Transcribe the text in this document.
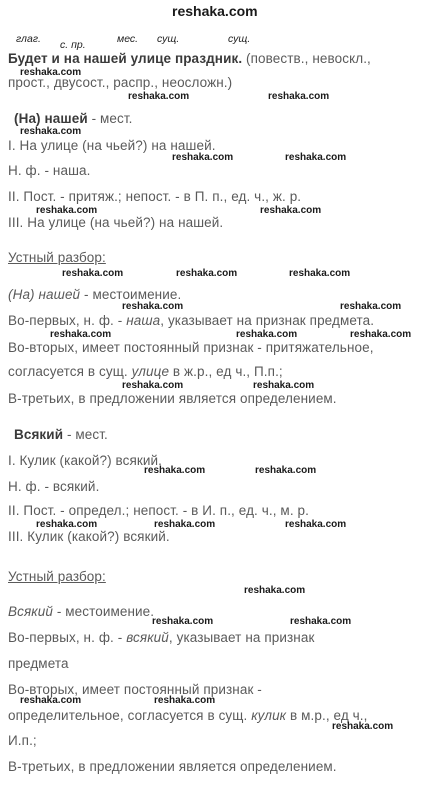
reshaka.com
глаг. с. пр.	мес. сущ.	сущ.
Будет и на нашей улице праздник. (повеств., невоскл.,
reshaka.com
прост., двусост., распр., неосложн.)
reshaka.com	reshaka.com
(На) нашей - мест.
reshaka.com
I. На улице (на чьей?) на нашей.
reshaka.com	reshaka.com
Н. ф. - наша.
II. Пост. - притяж.; непост. - в П. п., ед. ч., ж. р.
reshaka.com	reshaka.com
III. На улице (на чьей?) на нашей.
Устный разбор:
reshaka.com	reshaka.com	reshaka.com
(На) нашей - местоимение.
reshaka.com	reshaka.com
Во-первых, н. ф. - наша, указывает на признак предмета.
reshaka.com	reshaka.com	reshaka.com
Во-вторых, имеет постоянный признак - притяжательное,
согласуется в сущ. улице в ж.р., ед ч., П.п.;
reshaka.com	reshaka.com
В-третьих, в предложении является определением.
Всякий - мест.
I. Кулик (какой?) всякий.
reshaka.com	reshaka.com
Н. ф. - всякий.
II. Пост. - определ.; непост. - в И. п., ед. ч., м. р.
reshaka.com	reshaka.com	reshaka.com
III. Кулик (какой?) всякий.
Устный разбор:
reshaka.com
Всякий - местоимение.
reshaka.com	reshaka.com
Во-первых, н. ф. - всякий, указывает на признак
предмета
Во-вторых, имеет постоянный признак -
reshaka.com	reshaka.com
определительное, согласуется в сущ. кулик в м.р., ед ч.,
reshaka.com
И.п.;
В-третьих, в предложении является определением.
